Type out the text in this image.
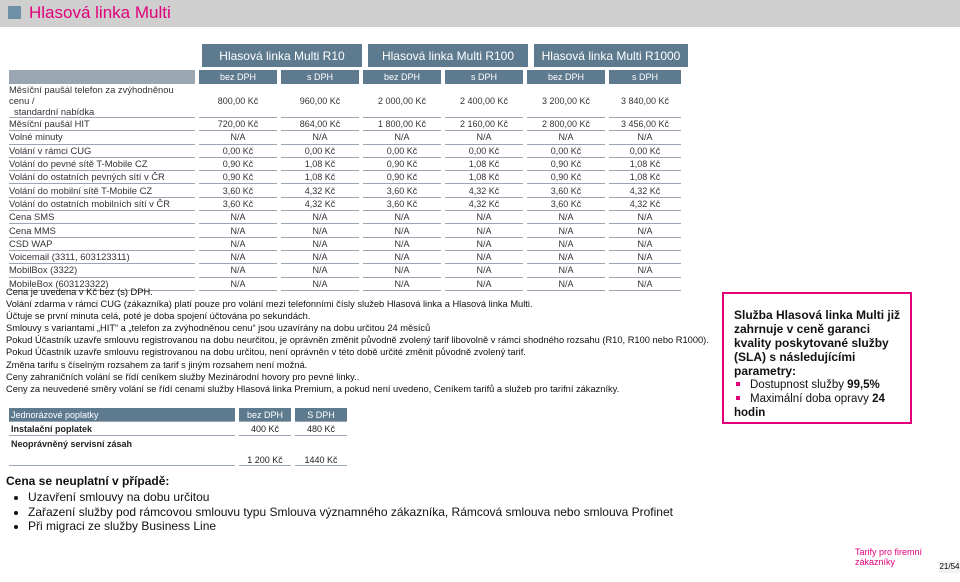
Hlasová linka Multi
Hlasová linka Multi R10	Hlasová linka Multi R100	Hlasová linka Multi R1000
	bez DPH	s DPH	bez DPH	s DPH	bez DPH	s DPH
Měsíční paušál telefon za zvýhodněnou cenu /
standardní nabídka	800,00 Kč	960,00 Kč	2 000,00 Kč	2 400,00 Kč	3 200,00 Kč	3 840,00 Kč
Měsíční paušál HIT	720,00 Kč	864,00 Kč	1 800,00 Kč	2 160,00 Kč	2 800,00 Kč	3 456,00 Kč
Volné minuty	N/A	N/A	N/A	N/A	N/A	N/A
Volání v rámci CUG	0,00 Kč	0,00 Kč	0,00 Kč	0,00 Kč	0,00 Kč	0,00 Kč
Volání do pevné sítě T-Mobile CZ	0,90 Kč	1,08 Kč	0,90 Kč	1,08 Kč	0,90 Kč	1,08 Kč
Volání do ostatních pevných sítí v ČR	0,90 Kč	1,08 Kč	0,90 Kč	1,08 Kč	0,90 Kč	1,08 Kč
Volání do mobilní sítě T-Mobile CZ	3,60 Kč	4,32 Kč	3,60 Kč	4,32 Kč	3,60 Kč	4,32 Kč
Volání do ostatních mobilních sítí v ČR	3,60 Kč	4,32 Kč	3,60 Kč	4,32 Kč	3,60 Kč	4,32 Kč
Cena SMS	N/A	N/A	N/A	N/A	N/A	N/A
Cena MMS	N/A	N/A	N/A	N/A	N/A	N/A
CSD WAP	N/A	N/A	N/A	N/A	N/A	N/A
Voicemail (3311, 603123311)	N/A	N/A	N/A	N/A	N/A	N/A
MobilBox (3322)	N/A	N/A	N/A	N/A	N/A	N/A
MobileBox (603123322)	N/A	N/A	N/A	N/A	N/A	N/A
Cena je uvedena v Kč bez (s) DPH.
Volání zdarma v rámci CUG (zákazníka) platí pouze pro volání mezi telefonními čísly služeb Hlasová linka a Hlasová linka Multi.
Účtuje se první minuta celá, poté je doba spojení účtována po sekundách.
Smlouvy s variantami „HIT“ a „telefon za zvýhodněnou cenu“ jsou uzavírány na dobu určitou 24 měsíců
Pokud Účastník uzavře smlouvu registrovanou na dobu neurčitou, je oprávněn změnit původně zvolený tarif libovolně v rámci shodného rozsahu (R10, R100 nebo R1000).
Pokud Účastník uzavře smlouvu registrovanou na dobu určitou, není oprávněn v této době určité změnit původně zvolený tarif.
Změna tarifu s číselným rozsahem za tarif s jiným rozsahem není možná.
Ceny zahraničních volání se řídí ceníkem služby Mezinárodní hovory pro pevné linky..
Ceny za neuvedené směry volání se řídí cenami služby Hlasová linka Premium, a pokud není uvedeno, Ceníkem tarifů a služeb pro tarifní zákazníky.
Jednorázové poplatky	bez DPH	S DPH
Instalační poplatek	400 Kč	480 Kč
Neoprávněný servisní zásah	1 200 Kč	1440 Kč
Cena se neuplatní v případě:
• Uzavření smlouvy na dobu určitou
• Zařazení služby pod rámcovou smlouvu typu Smlouva významného zákazníka, Rámcová smlouva nebo smlouva Profinet
• Při migraci ze služby Business Line
Služba Hlasová linka Multi již zahrnuje v ceně garanci kvality poskytované služby (SLA) s následujícími parametry:
Dostupnost služby 99,5%
Maximální doba opravy 24 hodin
Tarify pro firemní zákazníky	21/54
